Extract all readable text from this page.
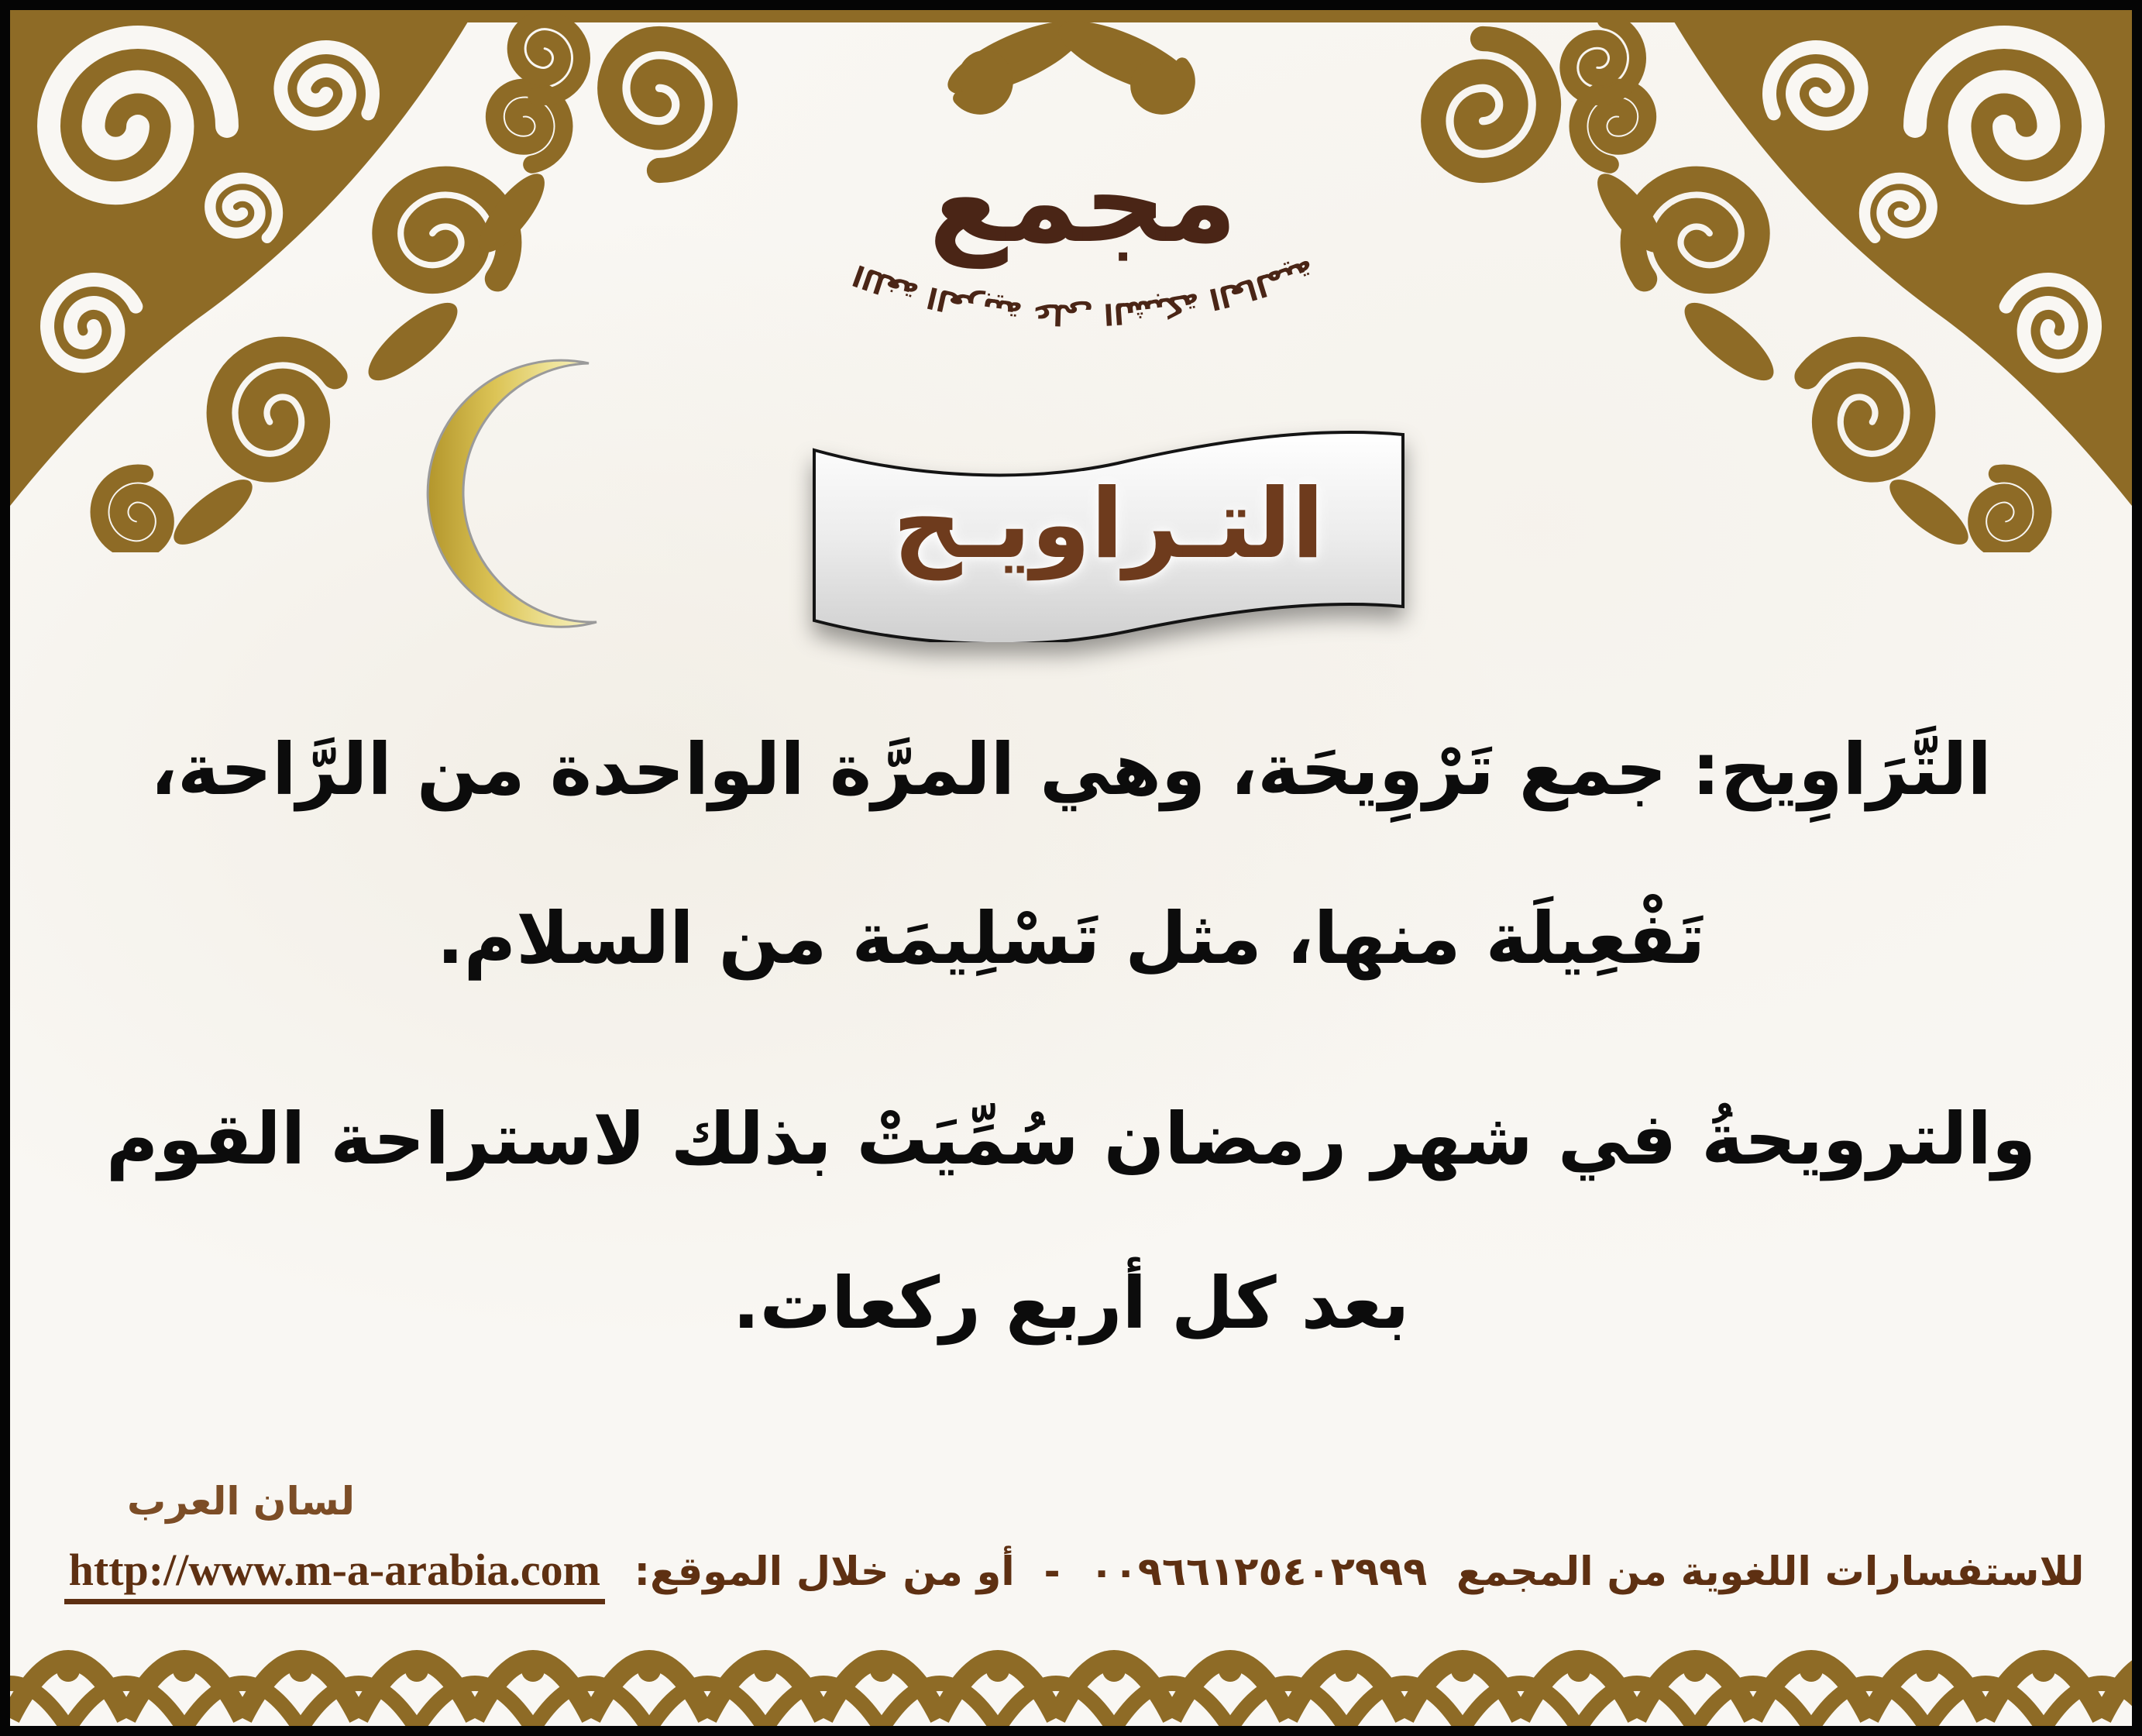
مجمع
اللغة العربية على الشبكة العالمية
التـراويـح

التَّرَاوِيح: جمع تَرْوِيحَة، وهي المرَّة الواحدة من الرَّاحة،
تَفْعِيلَة منها، مثل تَسْلِيمَة من السلام.

والترويحةُ في شهر رمضان سُمِّيَتْ بذلك لاستراحة القوم
بعد كل أربع ركعات.

لسان العرب
للاستفسارات اللغوية من المجمع ٠٠٩٦٦١٢٥٤٠٢٩٩٩ - أو من خلال الموقع: http://www.m-a-arabia.com
